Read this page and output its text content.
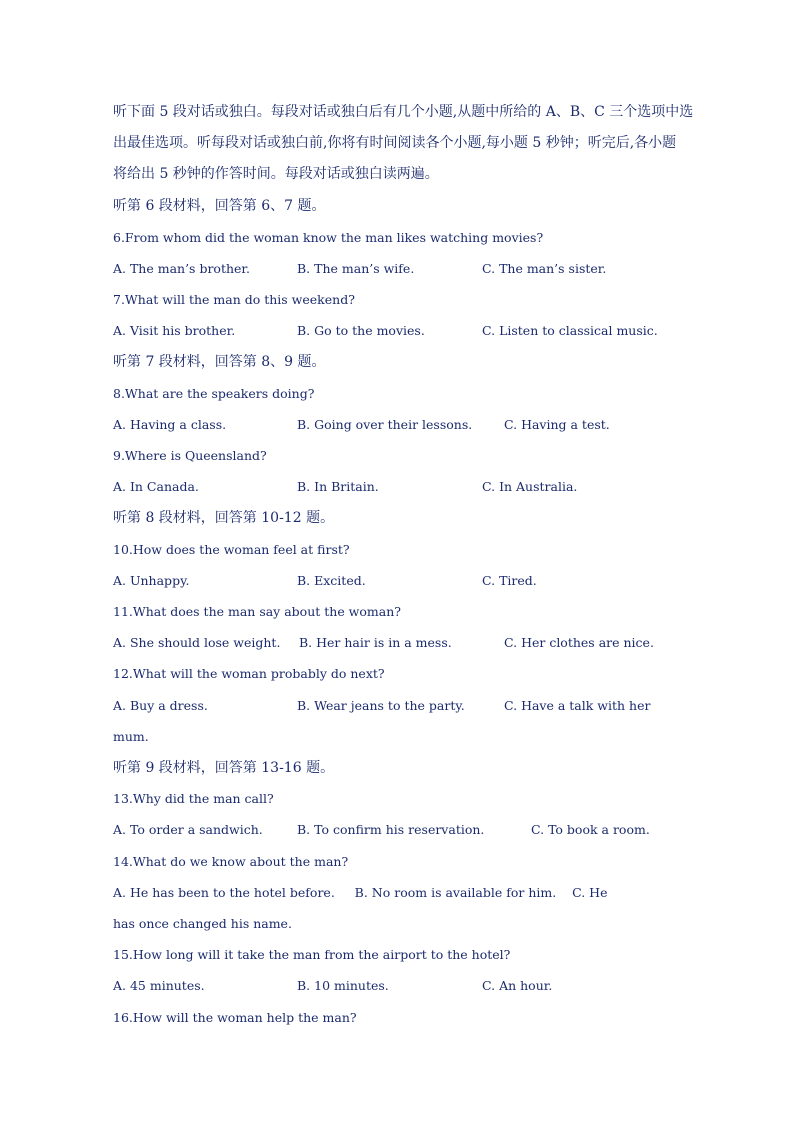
听下面 5 段对话或独白。每段对话或独白后有几个小题,从题中所给的 A、B、C 三个选项中选
出最佳选项。听每段对话或独白前,你将有时间阅读各个小题,每小题 5 秒钟；听完后,各小题
将给出 5 秒钟的作答时间。每段对话或独白读两遍。
听第 6 段材料，回答第 6、7 题。
6.From whom did the woman know the man likes watching movies?
A. The man’s brother.	B. The man’s wife.	C. The man’s sister.
7.What will the man do this weekend?
A. Visit his brother.	B. Go to the movies.	C. Listen to classical music.
听第 7 段材料，回答第 8、9 题。
8.What are the speakers doing?
A. Having a class.	B. Going over their lessons.	C. Having a test.
9.Where is Queensland?
A. In Canada.	B. In Britain.	C. In Australia.
听第 8 段材料，回答第 10-12 题。
10.How does the woman feel at first?
A. Unhappy.	B. Excited.	C. Tired.
11.What does the man say about the woman?
A. She should lose weight. B. Her hair is in a mess.	C. Her clothes are nice.
12.What will the woman probably do next?
A. Buy a dress.	B. Wear jeans to the party.	C. Have a talk with her
mum.
听第 9 段材料，回答第 13-16 题。
13.Why did the man call?
A. To order a sandwich.	B. To confirm his reservation.	C. To book a room.
14.What do we know about the man?
A. He has been to the hotel before.     B. No room is available for him.    C. He
has once changed his name.
15.How long will it take the man from the airport to the hotel?
A. 45 minutes.	B. 10 minutes.	C. An hour.
16.How will the woman help the man?
